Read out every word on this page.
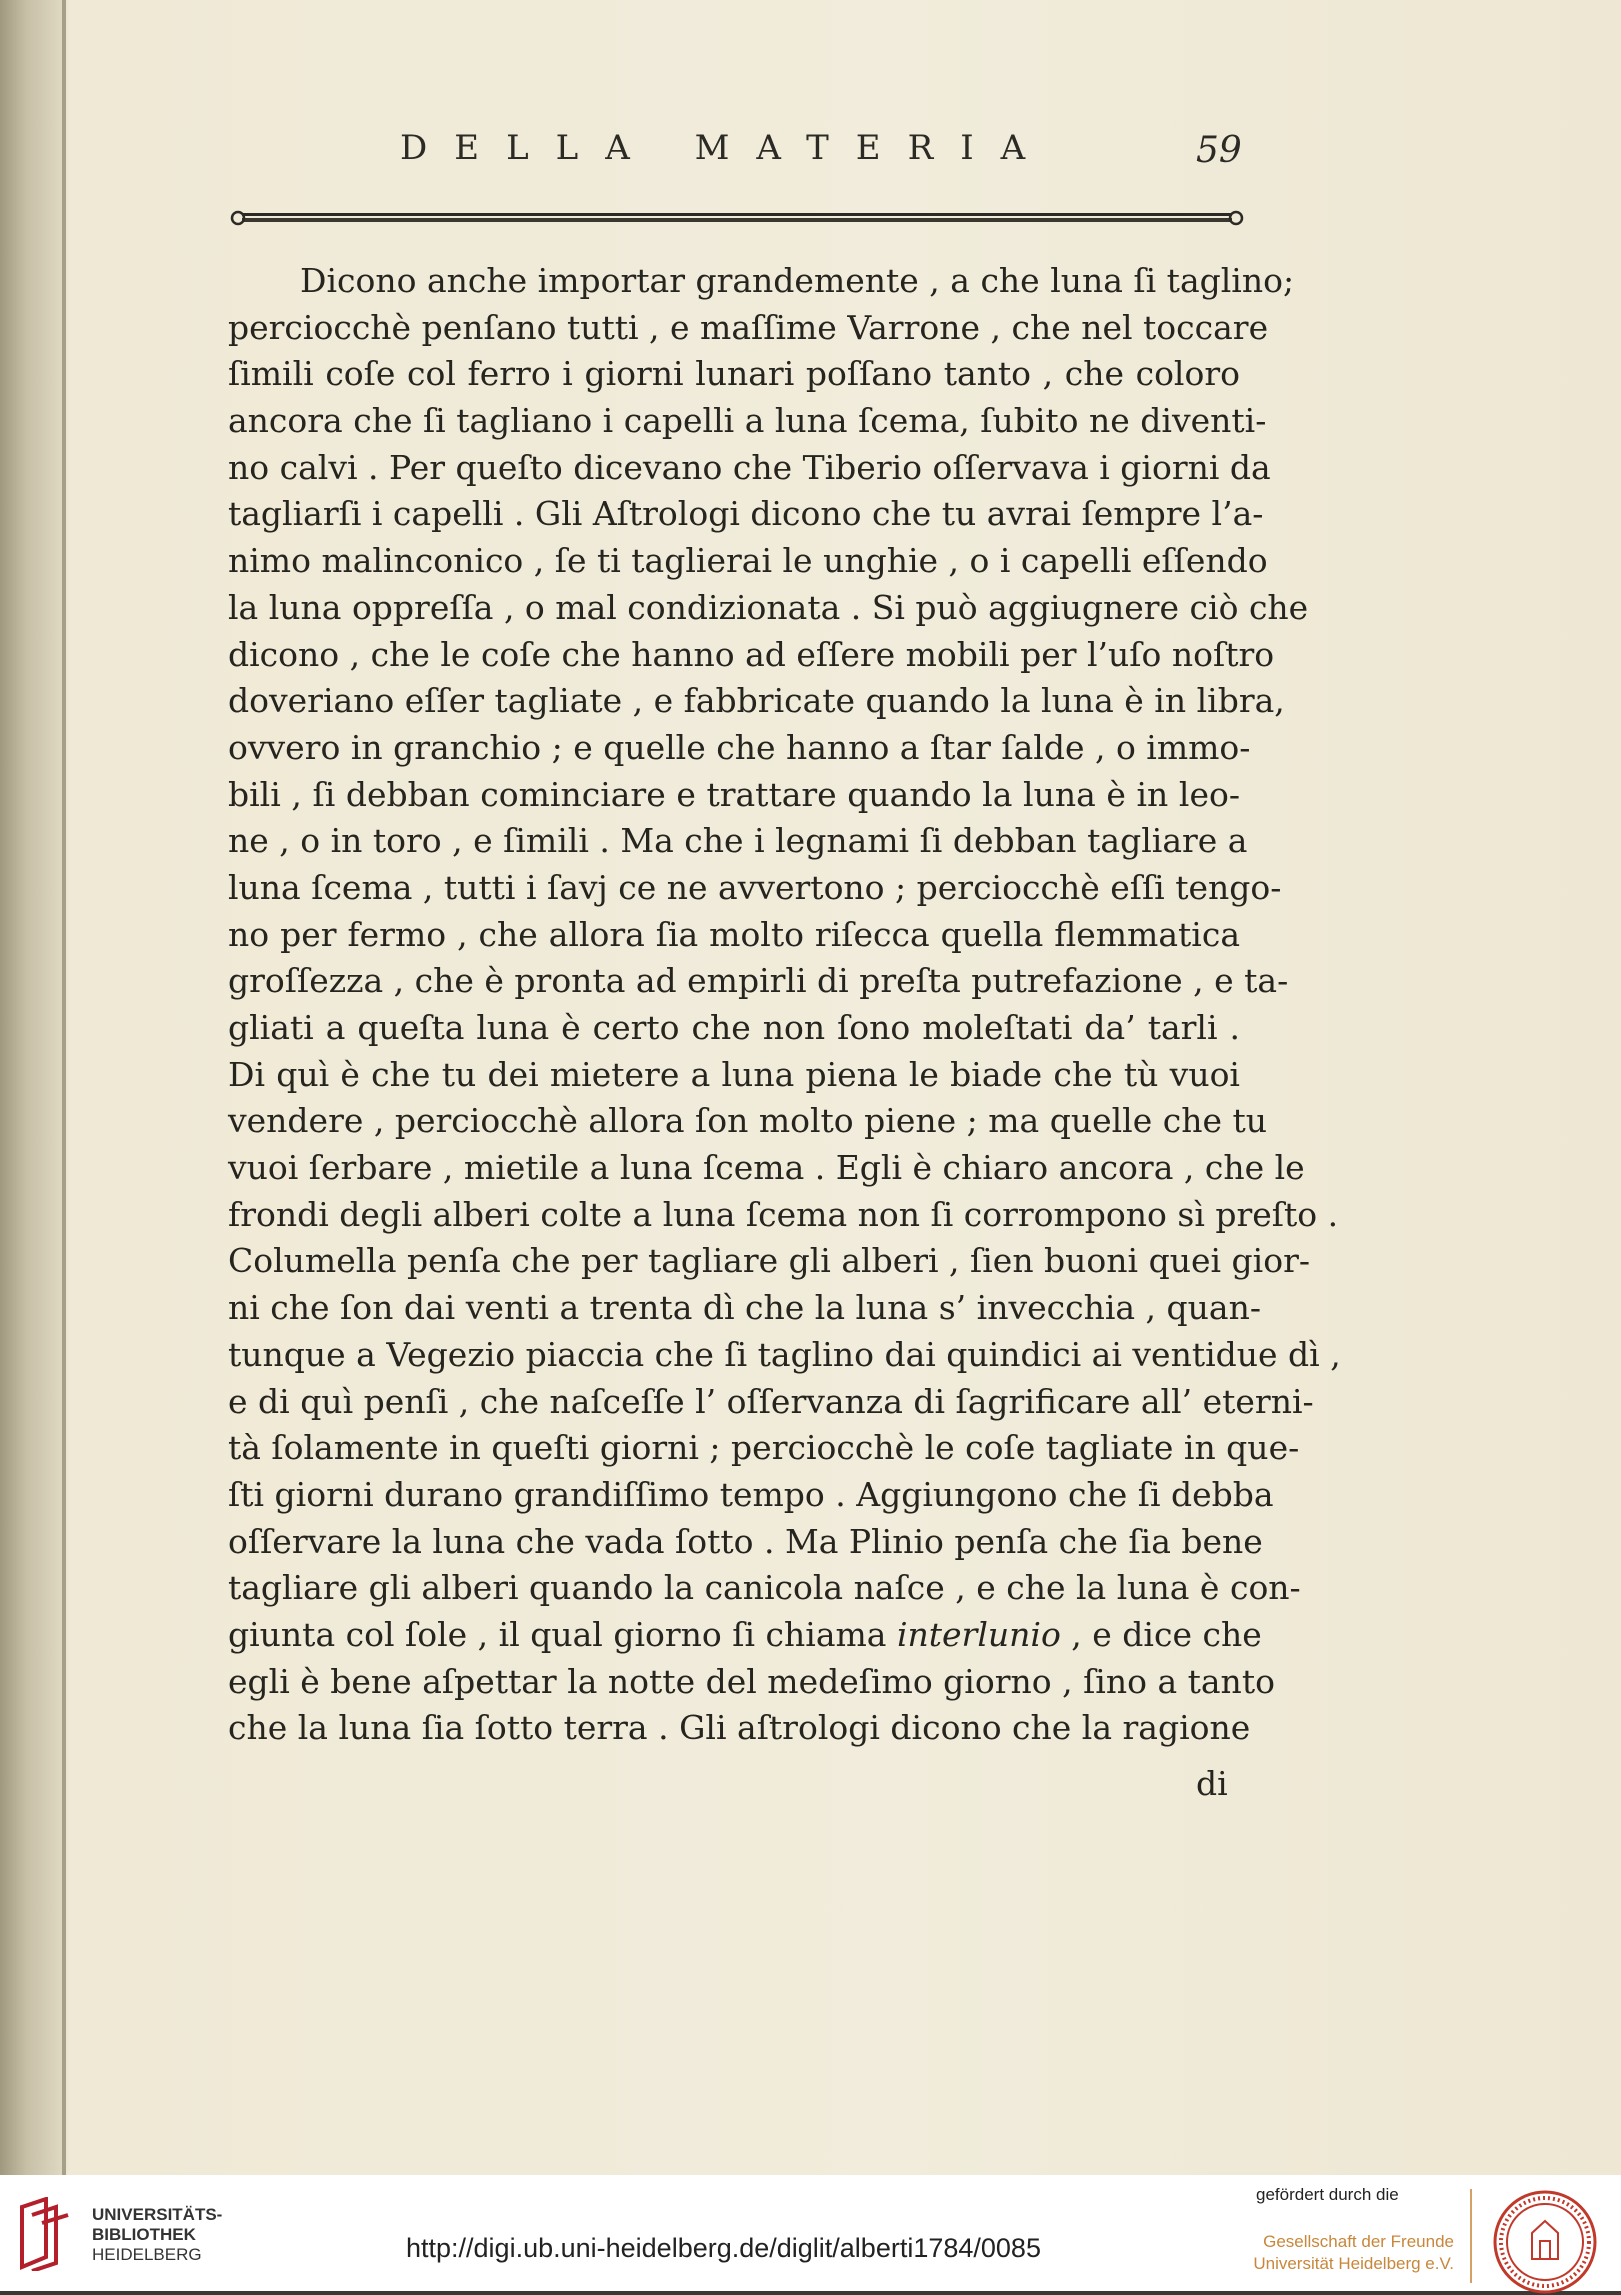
DELLA MATERIA	59
Dicono anche importar grandemente , a che luna ſi taglino;
perciocchè penſano tutti , e maſſime Varrone , che nel toccare
ſimili coſe col ferro i giorni lunari poſſano tanto , che coloro
ancora che ſi tagliano i capelli a luna ſcema, ſubito ne diventi-
no calvi . Per queſto dicevano che Tiberio oſſervava i giorni da
tagliarſi i capelli . Gli Aſtrologi dicono che tu avrai ſempre l’a-
nimo malinconico , ſe ti taglierai le unghie , o i capelli eſſendo
la luna oppreſſa , o mal condizionata . Si può aggiugnere ciò che
dicono , che le coſe che hanno ad eſſere mobili per l’uſo noſtro
doveriano eſſer tagliate , e fabbricate quando la luna è in libra,
ovvero in granchio ; e quelle che hanno a ſtar ſalde , o immo-
bili , ſi debban cominciare e trattare quando la luna è in leo-
ne , o in toro , e ſimili . Ma che i legnami ſi debban tagliare a
luna ſcema , tutti i ſavj ce ne avvertono ; perciocchè eſſi tengo-
no per fermo , che allora ſia molto riſecca quella flemmatica
groſſezza , che è pronta ad empirli di preſta putrefazione , e ta-
gliati a queſta luna è certo che non ſono moleſtati da’ tarli .
Di quì è che tu dei mietere a luna piena le biade che tù vuoi
vendere , perciocchè allora ſon molto piene ; ma quelle che tu
vuoi ſerbare , mietile a luna ſcema . Egli è chiaro ancora , che le
frondi degli alberi colte a luna ſcema non ſi corrompono sì preſto .
Columella penſa che per tagliare gli alberi , ſien buoni quei gior-
ni che ſon dai venti a trenta dì che la luna s’ invecchia , quan-
tunque a Vegezio piaccia che ſi taglino dai quindici ai ventidue dì ,
e di quì penſi , che naſceſſe l’ oſſervanza di ſagrificare all’ eterni-
tà ſolamente in queſti giorni ; perciocchè le coſe tagliate in que-
ſti giorni durano grandiſſimo tempo . Aggiungono che ſi debba
oſſervare la luna che vada ſotto . Ma Plinio penſa che ſia bene
tagliare gli alberi quando la canicola naſce , e che la luna è con-
giunta col ſole , il qual giorno ſi chiama interlunio , e dice che
egli è bene aſpettar la notte del medeſimo giorno , ſino a tanto
che la luna ſia ſotto terra . Gli aſtrologi dicono che la ragione
di
UNIVERSITÄTS-
BIBLIOTHEK
HEIDELBERG	http://digi.ub.uni-heidelberg.de/diglit/alberti1784/0085
gefördert durch die
Gesellschaft der Freunde
Universität Heidelberg e.V.
